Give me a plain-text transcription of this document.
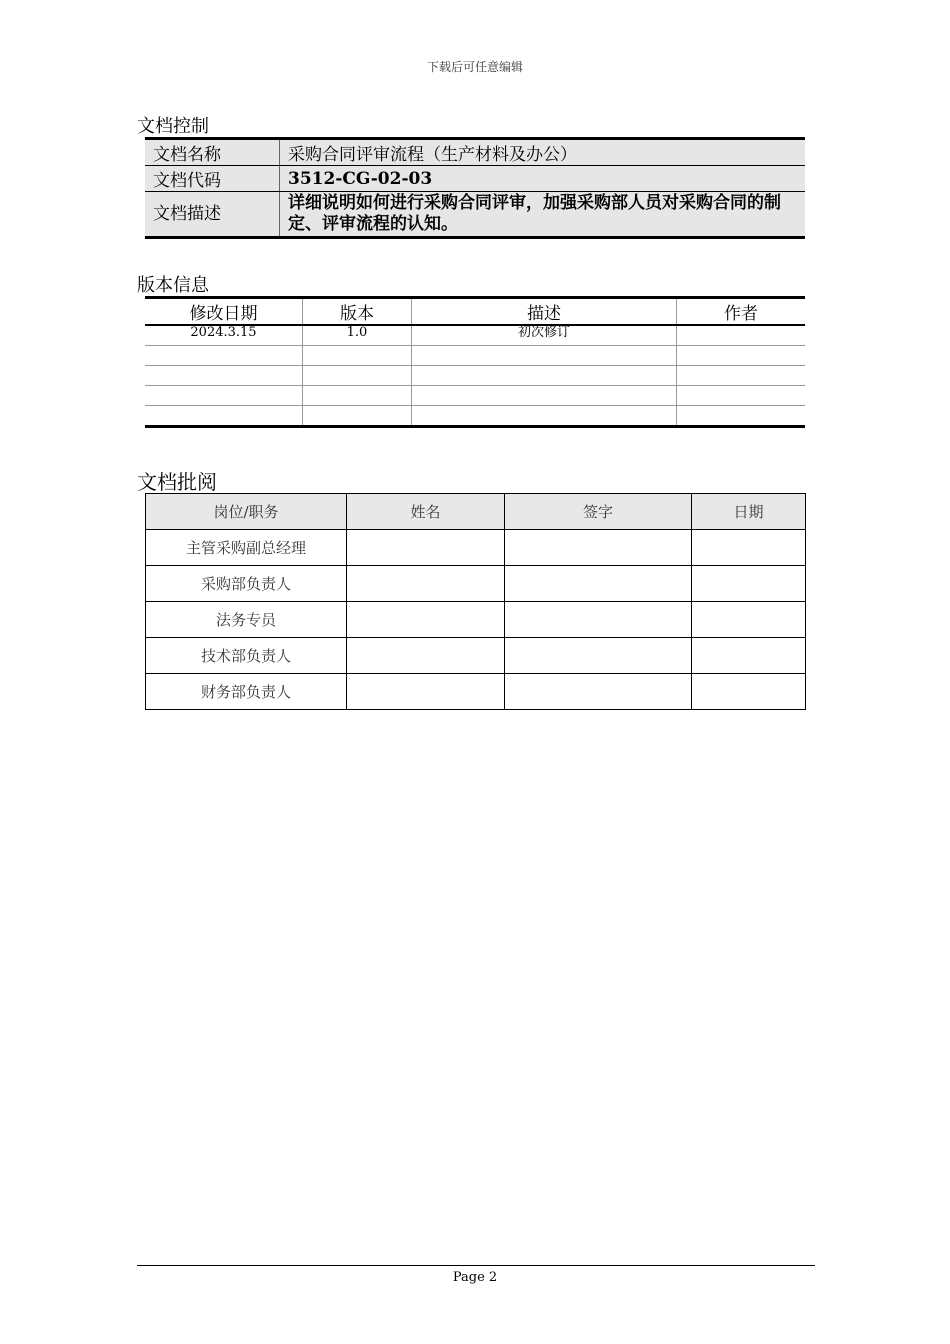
下载后可任意编辑
文档控制
文档名称	采购合同评审流程（生产材料及办公）
文档代码	3512-CG-02-03
文档描述	详细说明如何进行采购合同评审，加强采购部人员对采购合同的制定、评审流程的认知。
版本信息
修改日期	版本	描述	作者
2024.3.15	1.0	初次修订	

文档批阅
岗位/职务	姓名	签字	日期
主管采购副总经理			
采购部负责人			
法务专员			
技术部负责人			
财务部负责人			
Page 2
